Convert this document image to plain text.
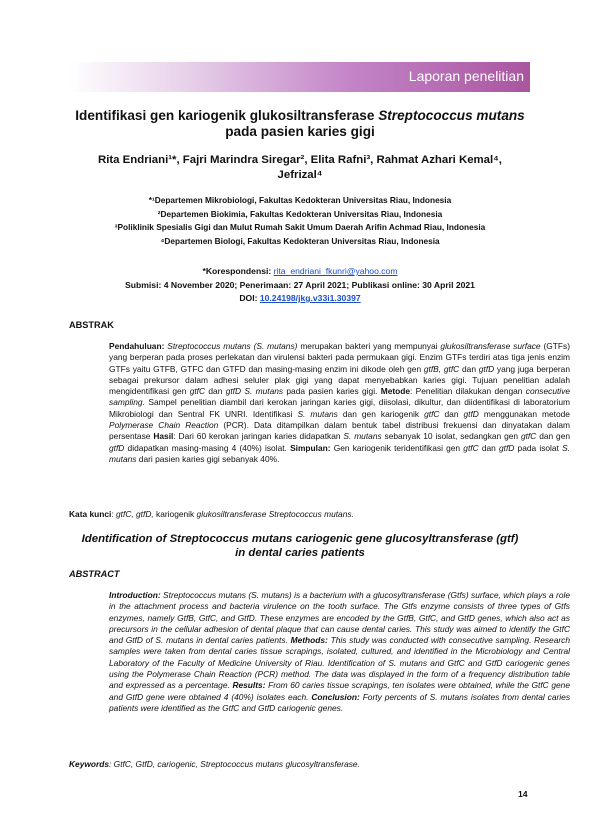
Laporan penelitian
Identifikasi gen kariogenik glukosiltransferase Streptococcus mutans
pada pasien karies gigi
Rita Endriani¹*, Fajri Marindra Siregar², Elita Rafni³, Rahmat Azhari Kemal⁴,
Jefrizal⁴
*¹Departemen Mikrobiologi, Fakultas Kedokteran Universitas Riau, Indonesia
²Departemen Biokimia, Fakultas Kedokteran Universitas Riau, Indonesia
³Poliklinik Spesialis Gigi dan Mulut Rumah Sakit Umum Daerah Arifin Achmad Riau, Indonesia
⁴Departemen Biologi, Fakultas Kedokteran Universitas Riau, Indonesia
*Korespondensi: rita_endriani_fkunri@yahoo.com
Submisi: 4 November 2020; Penerimaan: 27 April 2021; Publikasi online: 30 April 2021
DOI: 10.24198/jkg.v33i1.30397
ABSTRAK
Pendahuluan: Streptococcus mutans (S. mutans) merupakan bakteri yang mempunyai glukosiltransferase surface (GTFs) yang berperan pada proses perlekatan dan virulensi bakteri pada permukaan gigi. Enzim GTFs terdiri atas tiga jenis enzim GTFs yaitu GTFB, GTFC dan GTFD dan masing-masing enzim ini dikode oleh gen gtfB, gtfC dan gtfD yang juga berperan sebagai prekursor dalam adhesi seluler plak gigi yang dapat menyebabkan karies gigi. Tujuan penelitian adalah mengidentifikasi gen gtfC dan gtfD S. mutans pada pasien karies gigi. Metode: Penelitian dilakukan dengan consecutive sampling. Sampel penelitian diambil dari kerokan jaringan karies gigi, diisolasi, dikultur, dan diidentifikasi di laboratorium Mikrobiologi dan Sentral FK UNRI. Identifikasi S. mutans dan gen kariogenik gtfC dan gtfD menggunakan metode Polymerase Chain Reaction (PCR). Data ditampilkan dalam bentuk tabel distribusi frekuensi dan dinyatakan dalam persentase Hasil: Dari 60 kerokan jaringan karies didapatkan S. mutans sebanyak 10 isolat, sedangkan gen gtfC dan gen gtfD didapatkan masing-masing 4 (40%) isolat. Simpulan: Gen kariogenik teridentifikasi gen gtfC dan gtfD pada isolat S. mutans dari pasien karies gigi sebanyak 40%.
Kata kunci: gtfC, gtfD, kariogenik glukosiltransferase Streptococcus mutans.
Identification of Streptococcus mutans cariogenic gene glucosyltransferase (gtf)
in dental caries patients
ABSTRACT
Introduction: Streptococcus mutans (S. mutans) is a bacterium with a glucosyltransferase (Gtfs) surface, which plays a role in the attachment process and bacteria virulence on the tooth surface. The Gtfs enzyme consists of three types of Gtfs enzymes, namely GtfB, GtfC, and GtfD. These enzymes are encoded by the GtfB, GtfC, and GtfD genes, which also act as precursors in the cellular adhesion of dental plaque that can cause dental caries. This study was aimed to identify the GtfC and GtfD of S. mutans in dental caries patients. Methods: This study was conducted with consecutive sampling. Research samples were taken from dental caries tissue scrapings, isolated, cultured, and identified in the Microbiology and Central Laboratory of the Faculty of Medicine University of Riau. Identification of S. mutans and GtfC and GtfD cariogenic genes using the Polymerase Chain Reaction (PCR) method. The data was displayed in the form of a frequency distribution table and expressed as a percentage. Results: From 60 caries tissue scrapings, ten isolates were obtained, while the GtfC gene and GtfD gene were obtained 4 (40%) isolates each. Conclusion: Forty percents of S. mutans isolates from dental caries patients were identified as the GtfC and GtfD cariogenic genes.
Keywords: GtfC, GtfD, cariogenic, Streptococcus mutans glucosyltransferase.
14
